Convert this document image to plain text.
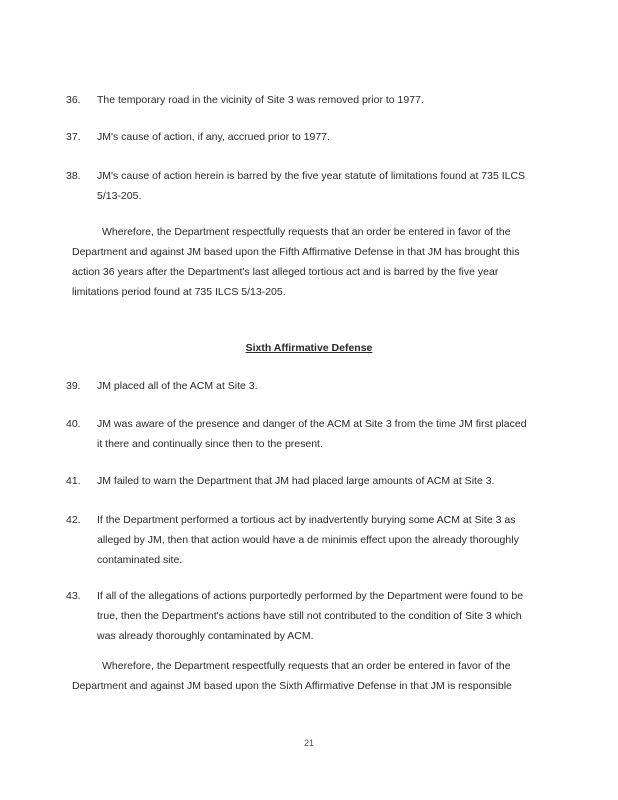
36.	The temporary road in the vicinity of Site 3 was removed prior to 1977.
37.	JM's cause of action, if any, accrued prior to 1977.
38.	JM's cause of action herein is barred by the five year statute of limitations found at 735 ILCS 5/13-205.
Wherefore, the Department respectfully requests that an order be entered in favor of the Department and against JM based upon the Fifth Affirmative Defense in that JM has brought this action 36 years after the Department's last alleged tortious act and is barred by the five year limitations period found at 735 ILCS 5/13-205.
Sixth Affirmative Defense
39.	JM placed all of the ACM at Site 3.
40.	JM was aware of the presence and danger of the ACM at Site 3 from the time JM first placed it there and continually since then to the present.
41.	JM failed to warn the Department that JM had placed large amounts of ACM at Site 3.
42.	If the Department performed a tortious act by inadvertently burying some ACM at Site 3 as alleged by JM, then that action would have a de minimis effect upon the already thoroughly contaminated site.
43.	If all of the allegations of actions purportedly performed by the Department were found to be true, then the Department's actions have still not contributed to the condition of Site 3 which was already thoroughly contaminated by ACM.
Wherefore, the Department respectfully requests that an order be entered in favor of the Department and against JM based upon the Sixth Affirmative Defense in that JM is responsible
21
